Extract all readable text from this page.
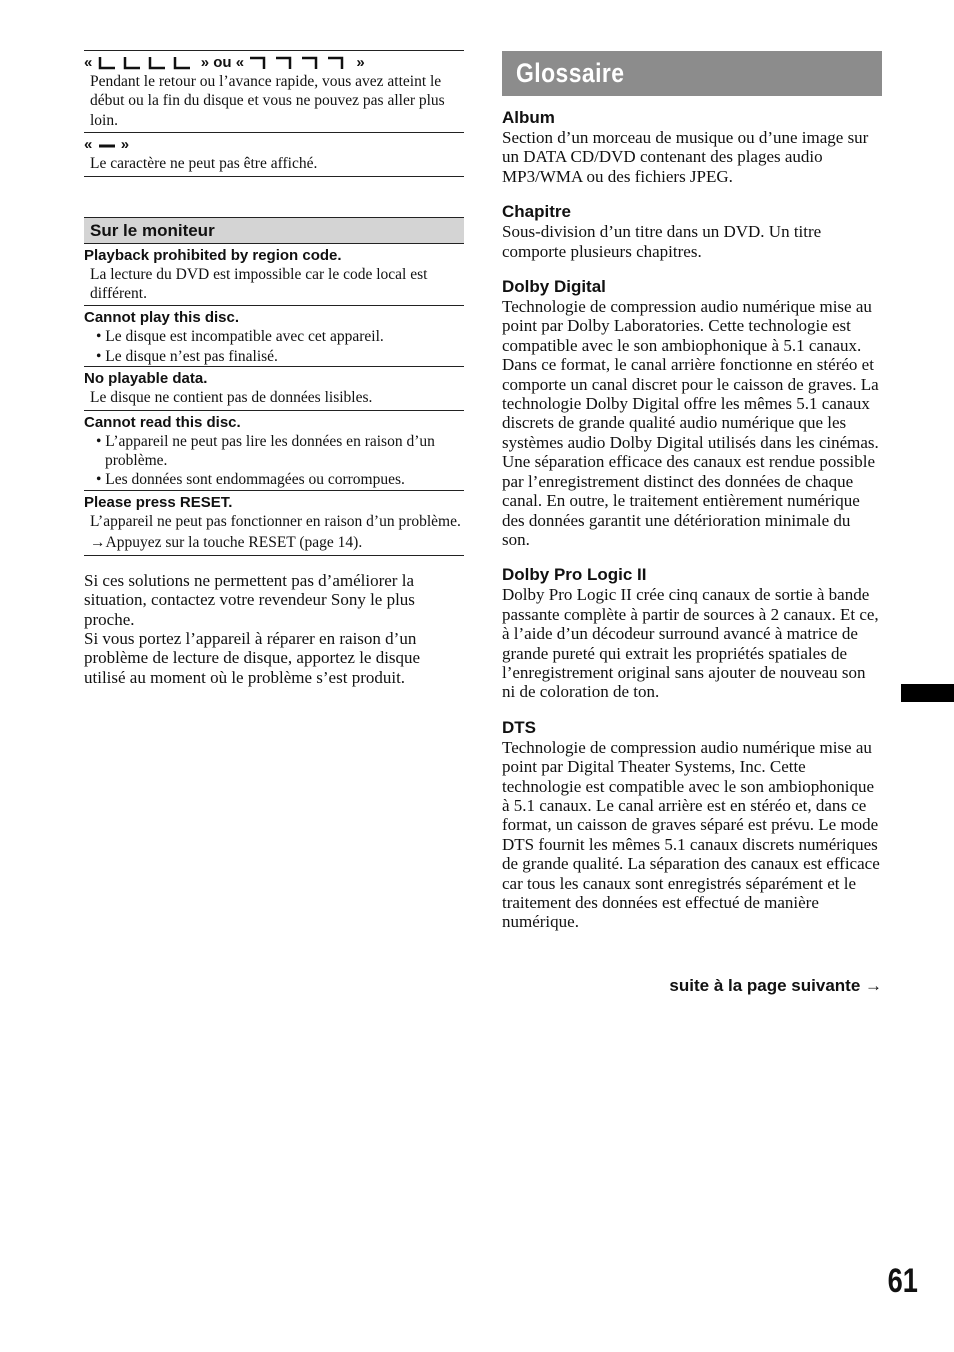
«	» ou «	»
Pendant le retour ou l’avance rapide, vous avez atteint le début ou la fin du disque et vous ne pouvez pas aller plus loin.
« »
Le caractère ne peut pas être affiché.
Sur le moniteur
Playback prohibited by region code.
La lecture du DVD est impossible car le code local est différent.
Cannot play this disc.
• Le disque est incompatible avec cet appareil.
• Le disque n’est pas finalisé.
No playable data.
Le disque ne contient pas de données lisibles.
Cannot read this disc.
• L’appareil ne peut pas lire les données en raison d’un problème.
• Les données sont endommagées ou corrompues.
Please press RESET.
L’appareil ne peut pas fonctionner en raison d’un problème.
→Appuyez sur la touche RESET (page 14).
Si ces solutions ne permettent pas d’améliorer la situation, contactez votre revendeur Sony le plus proche.
Si vous portez l’appareil à réparer en raison d’un problème de lecture de disque, apportez le disque utilisé au moment où le problème s’est produit.
Glossaire
Album
Section d’un morceau de musique ou d’une image sur un DATA CD/DVD contenant des plages audio MP3/WMA ou des fichiers JPEG.
Chapitre
Sous-division d’un titre dans un DVD. Un titre comporte plusieurs chapitres.
Dolby Digital
Technologie de compression audio numérique mise au point par Dolby Laboratories. Cette technologie est compatible avec le son ambiophonique à 5.1 canaux. Dans ce format, le canal arrière fonctionne en stéréo et comporte un canal discret pour le caisson de graves. La technologie Dolby Digital offre les mêmes 5.1 canaux discrets de grande qualité audio numérique que les systèmes audio Dolby Digital utilisés dans les cinémas. Une séparation efficace des canaux est rendue possible par l’enregistrement distinct des données de chaque canal. En outre, le traitement entièrement numérique des données garantit une détérioration minimale du son.
Dolby Pro Logic II
Dolby Pro Logic II crée cinq canaux de sortie à bande passante complète à partir de sources à 2 canaux. Et ce, à l’aide d’un décodeur surround avancé à matrice de grande pureté qui extrait les propriétés spatiales de l’enregistrement original sans ajouter de nouveau son ni de coloration de ton.
DTS
Technologie de compression audio numérique mise au point par Digital Theater Systems, Inc. Cette technologie est compatible avec le son ambiophonique à 5.1 canaux. Le canal arrière est en stéréo et, dans ce format, un caisson de graves séparé est prévu. Le mode DTS fournit les mêmes 5.1 canaux discrets numériques de grande qualité. La séparation des canaux est efficace car tous les canaux sont enregistrés séparément et le traitement des données est effectué de manière numérique.
suite à la page suivante →
61
